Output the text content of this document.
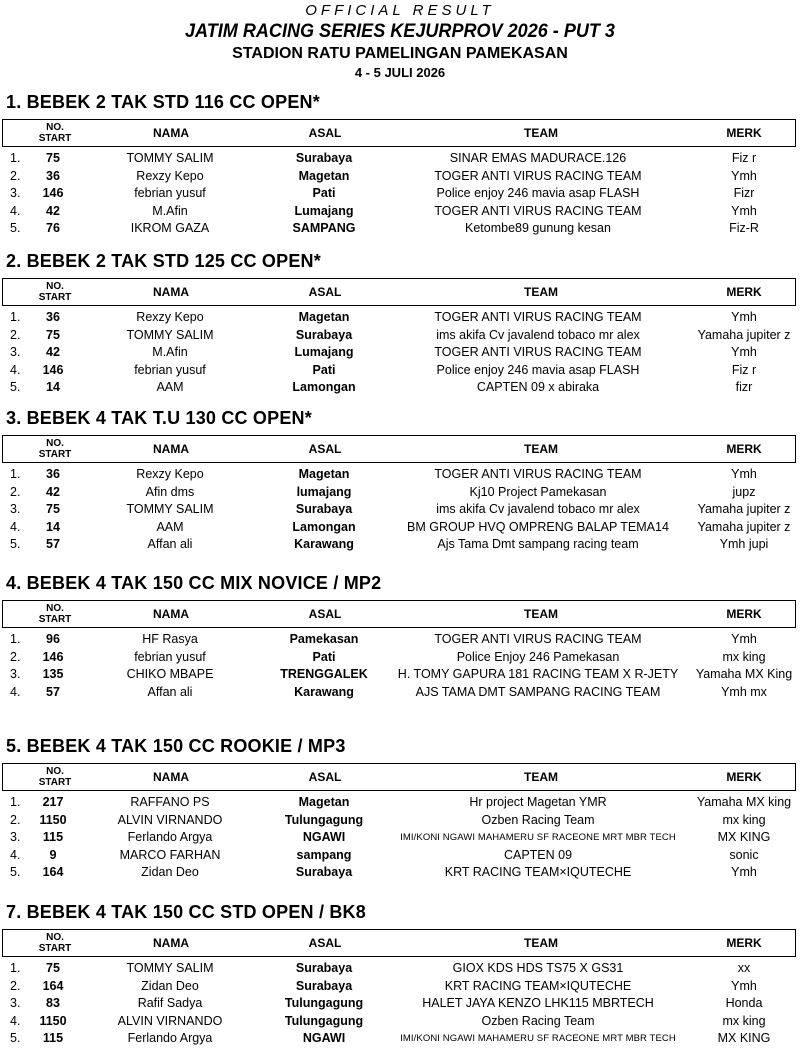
OFFICIAL RESULT
JATIM RACING SERIES KEJURPROV 2026 - PUT 3
STADION RATU PAMELINGAN PAMEKASAN
4 - 5 JULI 2026
1. BEBEK 2 TAK STD 116 CC OPEN*
NO.
START	NAMA	ASAL	TEAM	MERK
1.	75	TOMMY SALIM	Surabaya	SINAR EMAS MADURACE.126	Fiz r
2.	36	Rexzy Kepo	Magetan	TOGER ANTI VIRUS RACING TEAM	Ymh
3.	146	febrian yusuf	Pati	Police enjoy 246 mavia asap FLASH	Fizr
4.	42	M.Afin	Lumajang	TOGER ANTI VIRUS RACING TEAM	Ymh
5.	76	IKROM GAZA	SAMPANG	Ketombe89 gunung kesan	Fiz-R
2. BEBEK 2 TAK STD 125 CC OPEN*
NO.
START	NAMA	ASAL	TEAM	MERK
1.	36	Rexzy Kepo	Magetan	TOGER ANTI VIRUS RACING TEAM	Ymh
2.	75	TOMMY SALIM	Surabaya	ims akifa Cv javalend tobaco mr alex	Yamaha jupiter z
3.	42	M.Afin	Lumajang	TOGER ANTI VIRUS RACING TEAM	Ymh
4.	146	febrian yusuf	Pati	Police enjoy 246 mavia asap FLASH	Fiz r
5.	14	AAM	Lamongan	CAPTEN 09 x abiraka	fizr
3. BEBEK 4 TAK T.U 130 CC OPEN*
NO.
START	NAMA	ASAL	TEAM	MERK
1.	36	Rexzy Kepo	Magetan	TOGER ANTI VIRUS RACING TEAM	Ymh
2.	42	Afin dms	lumajang	Kj10 Project Pamekasan	jupz
3.	75	TOMMY SALIM	Surabaya	ims akifa Cv javalend tobaco mr alex	Yamaha jupiter z
4.	14	AAM	Lamongan	BM GROUP HVQ OMPRENG BALAP TEMA14	Yamaha jupiter z
5.	57	Affan ali	Karawang	Ajs Tama Dmt sampang racing team	Ymh jupi
4. BEBEK 4 TAK 150 CC MIX NOVICE / MP2
NO.
START	NAMA	ASAL	TEAM	MERK
1.	96	HF Rasya	Pamekasan	TOGER ANTI VIRUS RACING TEAM	Ymh
2.	146	febrian yusuf	Pati	Police Enjoy 246 Pamekasan	mx king
3.	135	CHIKO MBAPE	TRENGGALEK	H. TOMY GAPURA 181 RACING TEAM X R-JETY	Yamaha MX King
4.	57	Affan ali	Karawang	AJS TAMA DMT SAMPANG RACING TEAM	Ymh mx
5. BEBEK 4 TAK 150 CC ROOKIE / MP3
NO.
START	NAMA	ASAL	TEAM	MERK
1.	217	RAFFANO PS	Magetan	Hr project Magetan YMR	Yamaha MX king
2.	1150	ALVIN VIRNANDO	Tulungagung	Ozben Racing Team	mx king
3.	115	Ferlando Argya	NGAWI	IMI/KONI NGAWI MAHAMERU SF RACEONE MRT MBR TECH	MX KING
4.	9	MARCO FARHAN	sampang	CAPTEN 09	sonic
5.	164	Zidan Deo	Surabaya	KRT RACING TEAM×IQUTECHE	Ymh
7. BEBEK 4 TAK 150 CC STD OPEN / BK8
NO.
START	NAMA	ASAL	TEAM	MERK
1.	75	TOMMY SALIM	Surabaya	GIOX KDS HDS TS75 X GS31	xx
2.	164	Zidan Deo	Surabaya	KRT RACING TEAM×IQUTECHE	Ymh
3.	83	Rafif Sadya	Tulungagung	HALET JAYA KENZO LHK115 MBRTECH	Honda
4.	1150	ALVIN VIRNANDO	Tulungagung	Ozben Racing Team	mx king
5.	115	Ferlando Argya	NGAWI	IMI/KONI NGAWI MAHAMERU SF RACEONE MRT MBR TECH	MX KING
